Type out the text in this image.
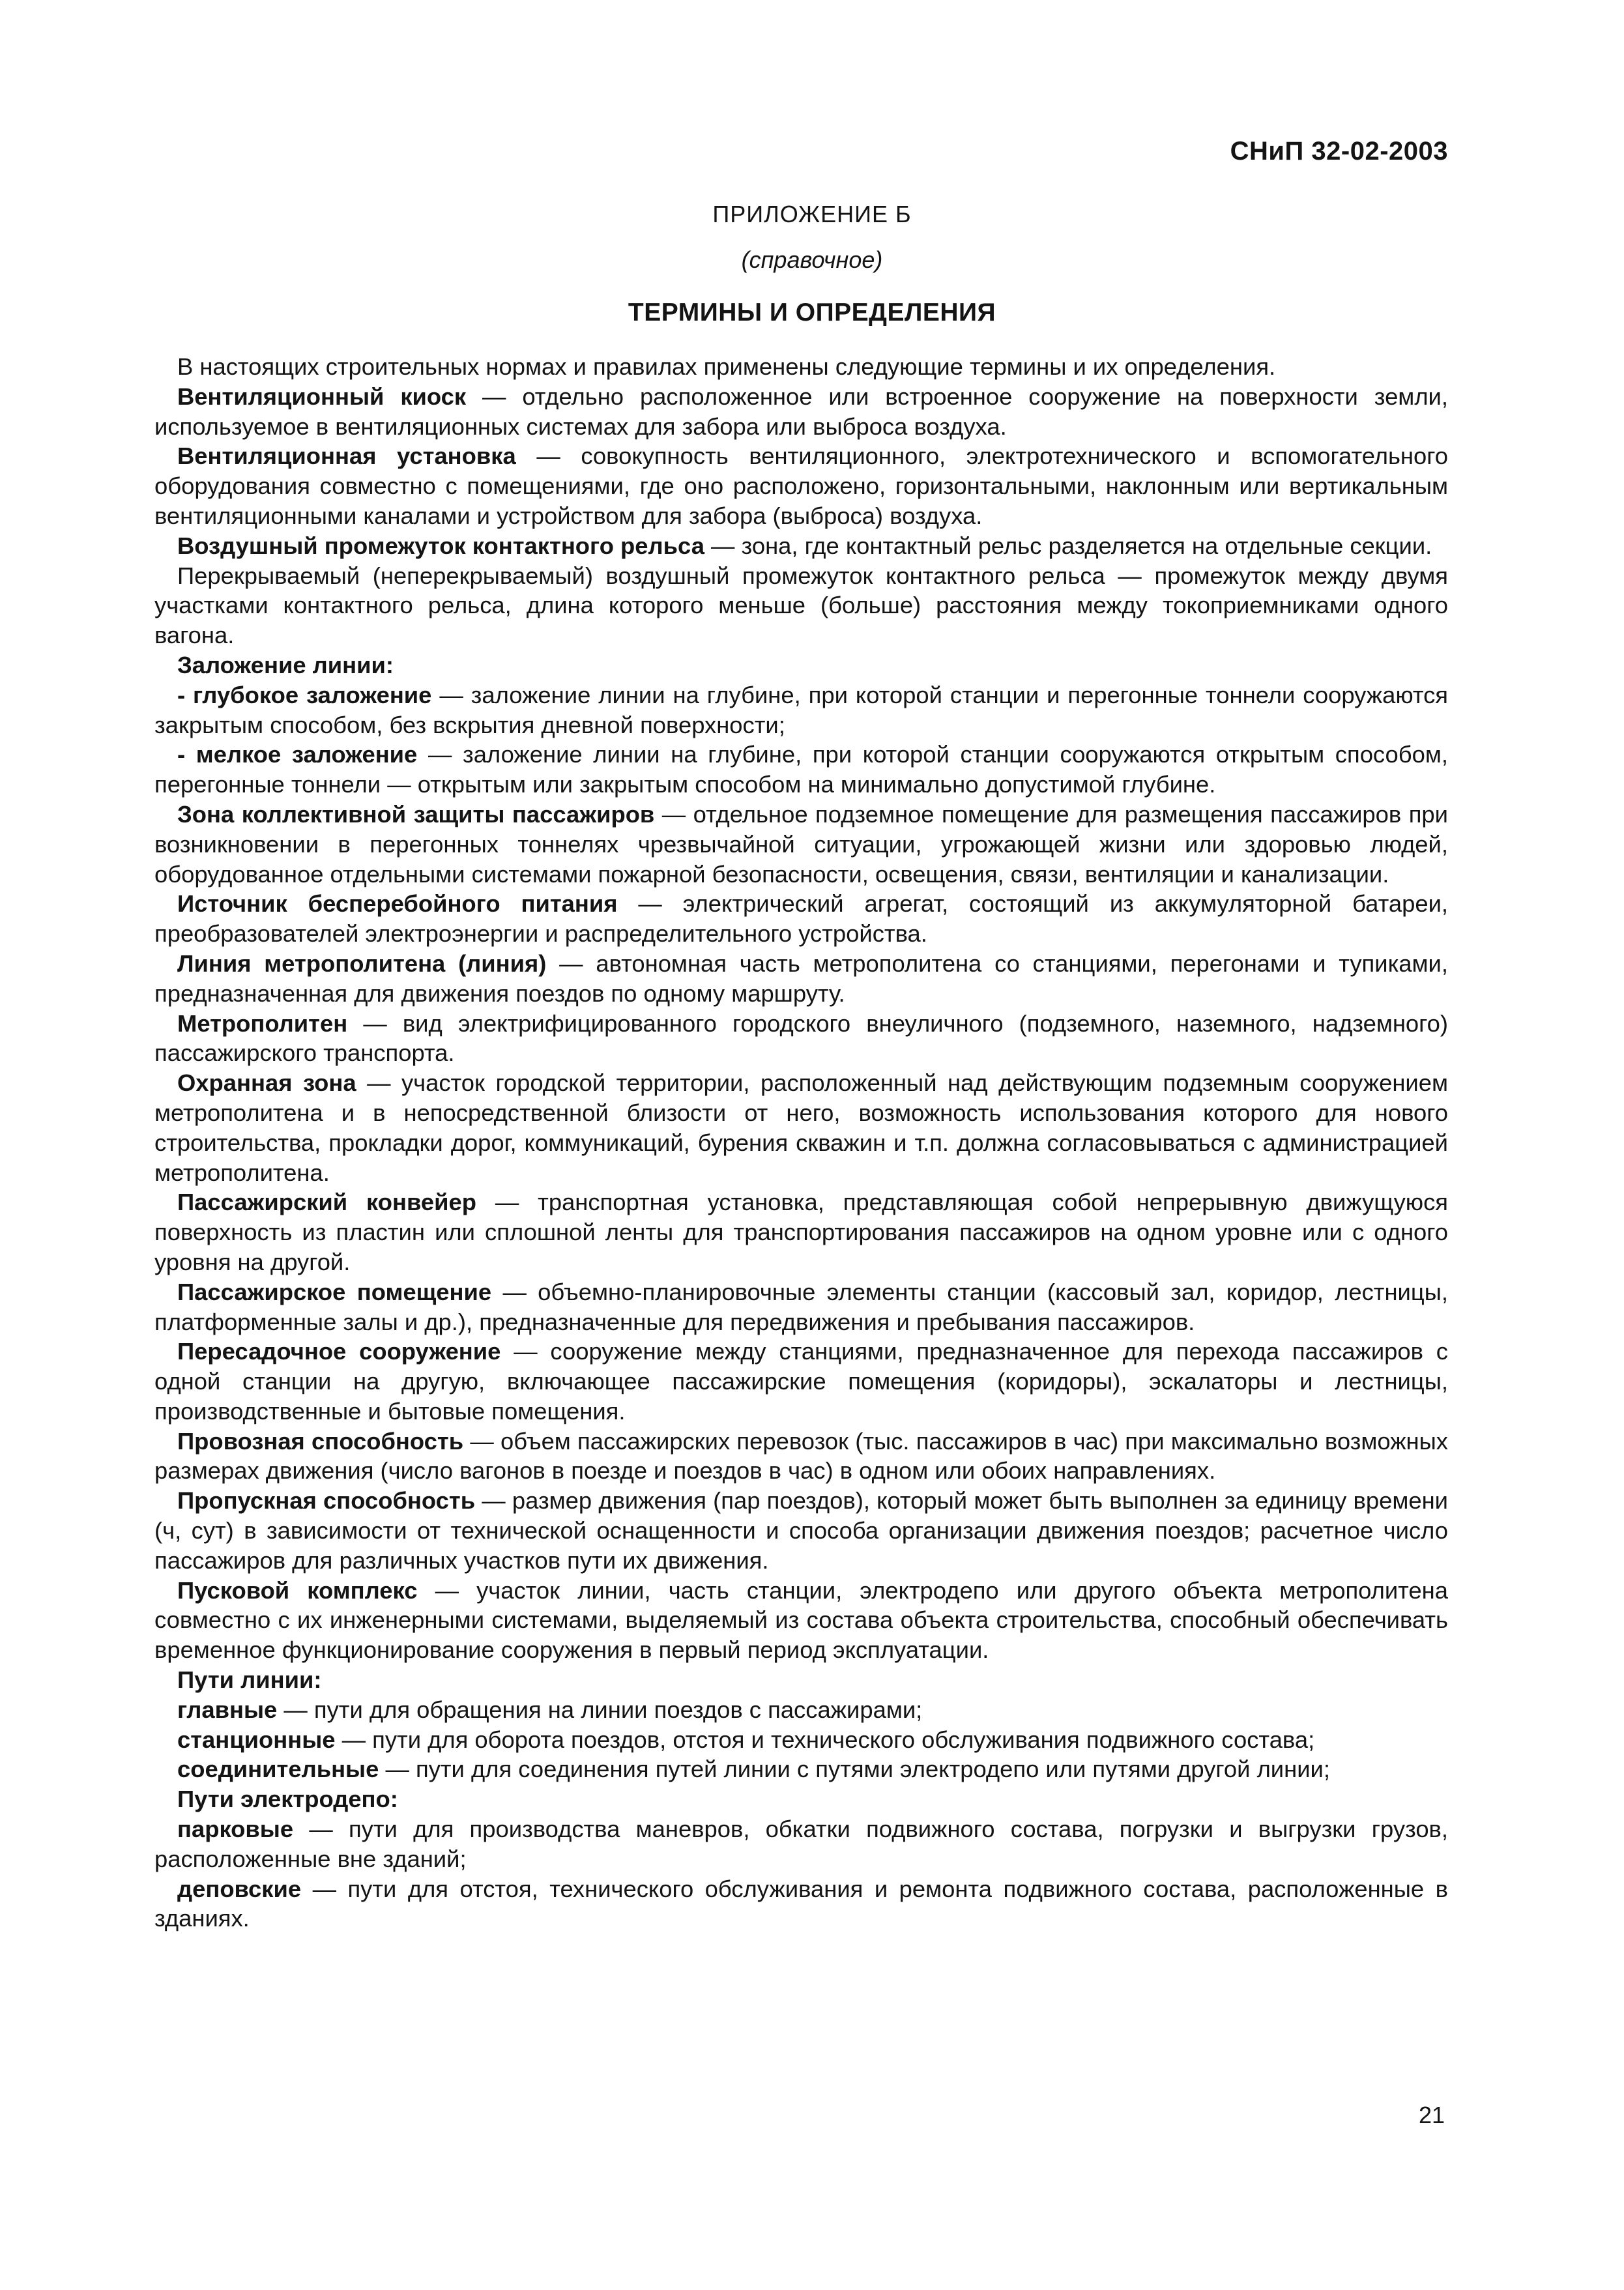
СНиП 32-02-2003
ПРИЛОЖЕНИЕ Б
(справочное)
ТЕРМИНЫ И ОПРЕДЕЛЕНИЯ

В настоящих строительных нормах и правилах применены следующие термины и их определения.

Вентиляционный киоск — отдельно расположенное или встроенное сооружение на поверхности земли, используемое в вентиляционных системах для забора или выброса воздуха.

Вентиляционная установка — совокупность вентиляционного, электротехнического и вспомогательного оборудования совместно с помещениями, где оно расположено, горизонтальными, наклонным или вертикальным вентиляционными каналами и устройством для забора (выброса) воздуха.

Воздушный промежуток контактного рельса — зона, где контактный рельс разделяется на отдельные секции.

Перекрываемый (неперекрываемый) воздушный промежуток контактного рельса — промежуток между двумя участками контактного рельса, длина которого меньше (больше) расстояния между токоприемниками одного вагона.

Заложение линии:

- глубокое заложение — заложение линии на глубине, при которой станции и перегонные тоннели сооружаются закрытым способом, без вскрытия дневной поверхности;

- мелкое заложение — заложение линии на глубине, при которой станции сооружаются открытым способом, перегонные тоннели — открытым или закрытым способом на минимально допустимой глубине.

Зона коллективной защиты пассажиров — отдельное подземное помещение для размещения пассажиров при возникновении в перегонных тоннелях чрезвычайной ситуации, угрожающей жизни или здоровью людей, оборудованное отдельными системами пожарной безопасности, освещения, связи, вентиляции и канализации.

Источник бесперебойного питания — электрический агрегат, состоящий из аккумуляторной батареи, преобразователей электроэнергии и распределительного устройства.

Линия метрополитена (линия) — автономная часть метрополитена со станциями, перегонами и тупиками, предназначенная для движения поездов по одному маршруту.

Метрополитен — вид электрифицированного городского внеуличного (подземного, наземного, надземного) пассажирского транспорта.

Охранная зона — участок городской территории, расположенный над действующим подземным сооружением метрополитена и в непосредственной близости от него, возможность использования которого для нового строительства, прокладки дорог, коммуникаций, бурения скважин и т.п. должна согласовываться с администрацией метрополитена.

Пассажирский конвейер — транспортная установка, представляющая собой непрерывную движущуюся поверхность из пластин или сплошной ленты для транспортирования пассажиров на одном уровне или с одного уровня на другой.

Пассажирское помещение — объемно-планировочные элементы станции (кассовый зал, коридор, лестницы, платформенные залы и др.), предназначенные для передвижения и пребывания пассажиров.

Пересадочное сооружение — сооружение между станциями, предназначенное для перехода пассажиров с одной станции на другую, включающее пассажирские помещения (коридоры), эскалаторы и лестницы, производственные и бытовые помещения.

Провозная способность — объем пассажирских перевозок (тыс. пассажиров в час) при максимально возможных размерах движения (число вагонов в поезде и поездов в час) в одном или обоих направлениях.

Пропускная способность — размер движения (пар поездов), который может быть выполнен за единицу времени (ч, сут) в зависимости от технической оснащенности и способа организации движения поездов; расчетное число пассажиров для различных участков пути их движения.

Пусковой комплекс — участок линии, часть станции, электродепо или другого объекта метрополитена совместно с их инженерными системами, выделяемый из состава объекта строительства, способный обеспечивать временное функционирование сооружения в первый период эксплуатации.

Пути линии:

главные — пути для обращения на линии поездов с пассажирами;

станционные — пути для оборота поездов, отстоя и технического обслуживания подвижного состава;

соединительные — пути для соединения путей линии с путями электродепо или путями другой линии;

Пути электродепо:

парковые — пути для производства маневров, обкатки подвижного состава, погрузки и выгрузки грузов, расположенные вне зданий;

деповские — пути для отстоя, технического обслуживания и ремонта подвижного состава, расположенные в зданиях.

21
